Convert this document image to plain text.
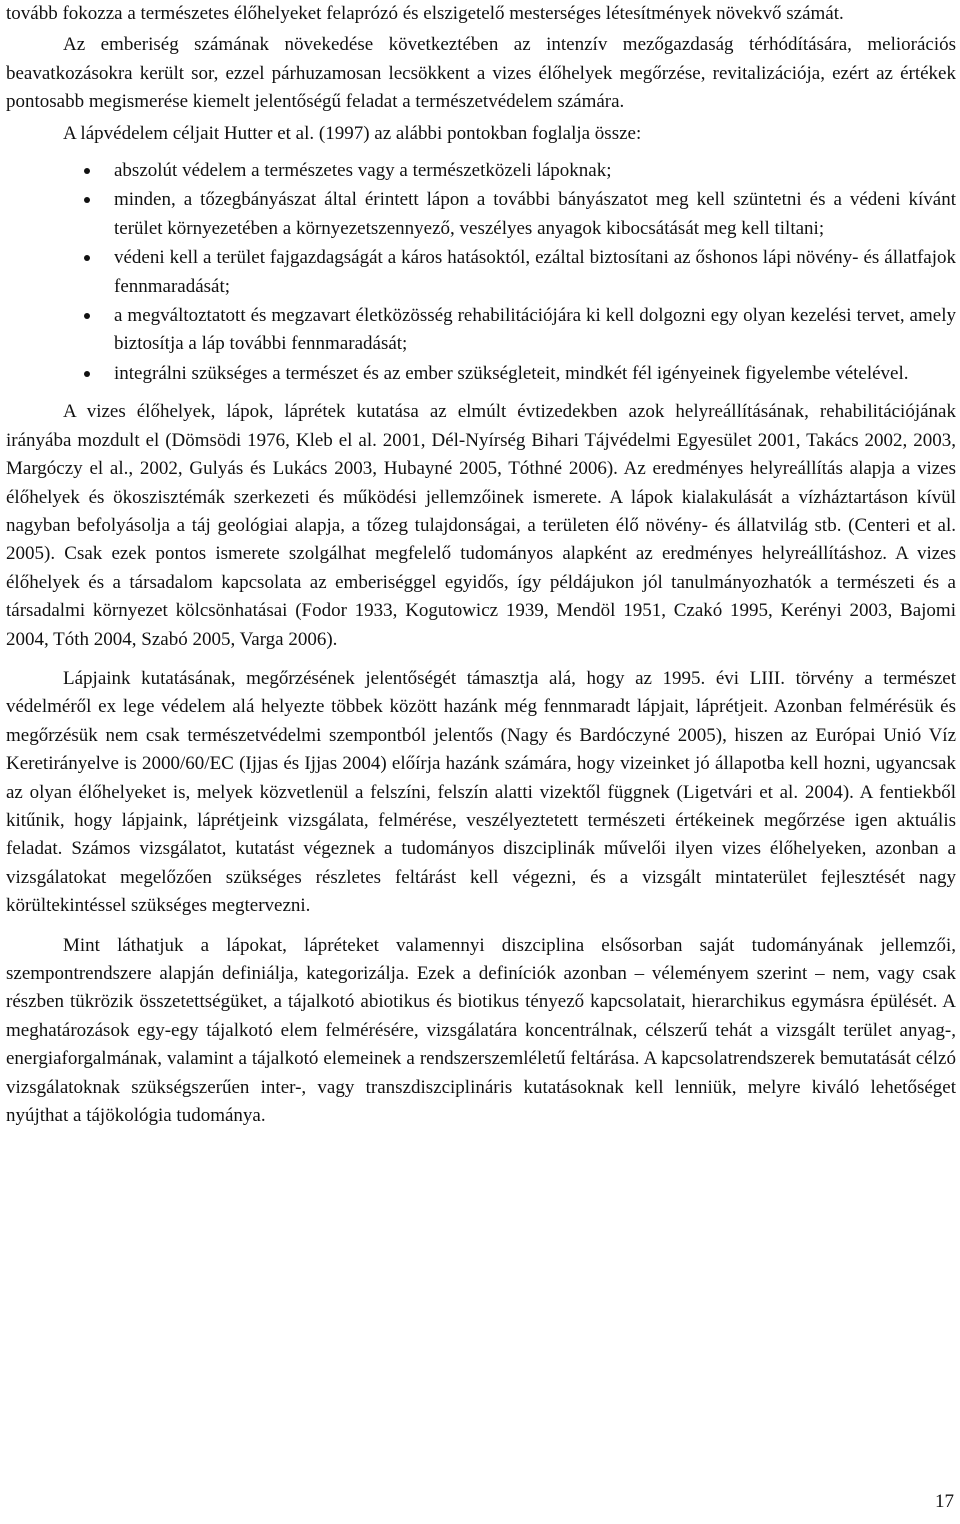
tovább fokozza a természetes élőhelyeket felaprózó és elszigetelő mesterséges létesítmények növekvő számát.

Az emberiség számának növekedése következtében az intenzív mezőgazdaság térhódítására, meliorációs beavatkozásokra került sor, ezzel párhuzamosan lecsökkent a vizes élőhelyek megőrzése, revitalizációja, ezért az értékek pontosabb megismerése kiemelt jelentőségű feladat a természetvédelem számára.

A lápvédelem céljait Hutter et al. (1997) az alábbi pontokban foglalja össze:

abszolút védelem a természetes vagy a természetközeli lápoknak;
minden, a tőzegbányászat által érintett lápon a további bányászatot meg kell szüntetni és a védeni kívánt terület környezetében a környezetszennyező, veszélyes anyagok kibocsátását meg kell tiltani;
védeni kell a terület fajgazdagságát a káros hatásoktól, ezáltal biztosítani az őshonos lápi növény- és állatfajok fennmaradását;
a megváltoztatott és megzavart életközösség rehabilitációjára ki kell dolgozni egy olyan kezelési tervet, amely biztosítja a láp további fennmaradását;
integrálni szükséges a természet és az ember szükségleteit, mindkét fél igényeinek figyelembe vételével.

A vizes élőhelyek, lápok, láprétek kutatása az elmúlt évtizedekben azok helyreállításának, rehabilitációjának irányába mozdult el (Dömsödi 1976, Kleb el al. 2001, Dél-Nyírség Bihari Tájvédelmi Egyesület 2001, Takács 2002, 2003, Margóczy el al., 2002, Gulyás és Lukács 2003, Hubayné 2005, Tóthné 2006). Az eredményes helyreállítás alapja a vizes élőhelyek és ökoszisztémák szerkezeti és működési jellemzőinek ismerete. A lápok kialakulását a vízháztartáson kívül nagyban befolyásolja a táj geológiai alapja, a tőzeg tulajdonságai, a területen élő növény- és állatvilág stb. (Centeri et al. 2005). Csak ezek pontos ismerete szolgálhat megfelelő tudományos alapként az eredményes helyreállításhoz. A vizes élőhelyek és a társadalom kapcsolata az emberiséggel egyidős, így példájukon jól tanulmányozhatók a természeti és a társadalmi környezet kölcsönhatásai (Fodor 1933, Kogutowicz 1939, Mendöl 1951, Czakó 1995, Kerényi 2003, Bajomi 2004, Tóth 2004, Szabó 2005, Varga 2006).

Lápjaink kutatásának, megőrzésének jelentőségét támasztja alá, hogy az 1995. évi LIII. törvény a természet védelméről ex lege védelem alá helyezte többek között hazánk még fennmaradt lápjait, láprétjeit. Azonban felmérésük és megőrzésük nem csak természetvédelmi szempontból jelentős (Nagy és Bardóczyné 2005), hiszen az Európai Unió Víz Keretirányelve is 2000/60/EC (Ijjas és Ijjas 2004) előírja hazánk számára, hogy vizeinket jó állapotba kell hozni, ugyancsak az olyan élőhelyeket is, melyek közvetlenül a felszíni, felszín alatti vizektől függnek (Ligetvári et al. 2004). A fentiekből kitűnik, hogy lápjaink, láprétjeink vizsgálata, felmérése, veszélyeztetett természeti értékeinek megőrzése igen aktuális feladat. Számos vizsgálatot, kutatást végeznek a tudományos diszciplinák művelői ilyen vizes élőhelyeken, azonban a vizsgálatokat megelőzően szükséges részletes feltárást kell végezni, és a vizsgált mintaterület fejlesztését nagy körültekintéssel szükséges megtervezni.

Mint láthatjuk a lápokat, lápréteket valamennyi diszciplina elsősorban saját tudományának jellemzői, szempontrendszere alapján definiálja, kategorizálja. Ezek a definíciók azonban – véleményem szerint – nem, vagy csak részben tükrözik összetettségüket, a tájalkotó abiotikus és biotikus tényező kapcsolatait, hierarchikus egymásra épülését. A meghatározások egy-egy tájalkotó elem felmérésére, vizsgálatára koncentrálnak, célszerű tehát a vizsgált terület anyag-, energiaforgalmának, valamint a tájalkotó elemeinek a rendszerszemléletű feltárása. A kapcsolatrendszerek bemutatását célzó vizsgálatoknak szükségszerűen inter-, vagy transzdiszciplináris kutatásoknak kell lenniük, melyre kiváló lehetőséget nyújthat a tájökológia tudománya.

17
